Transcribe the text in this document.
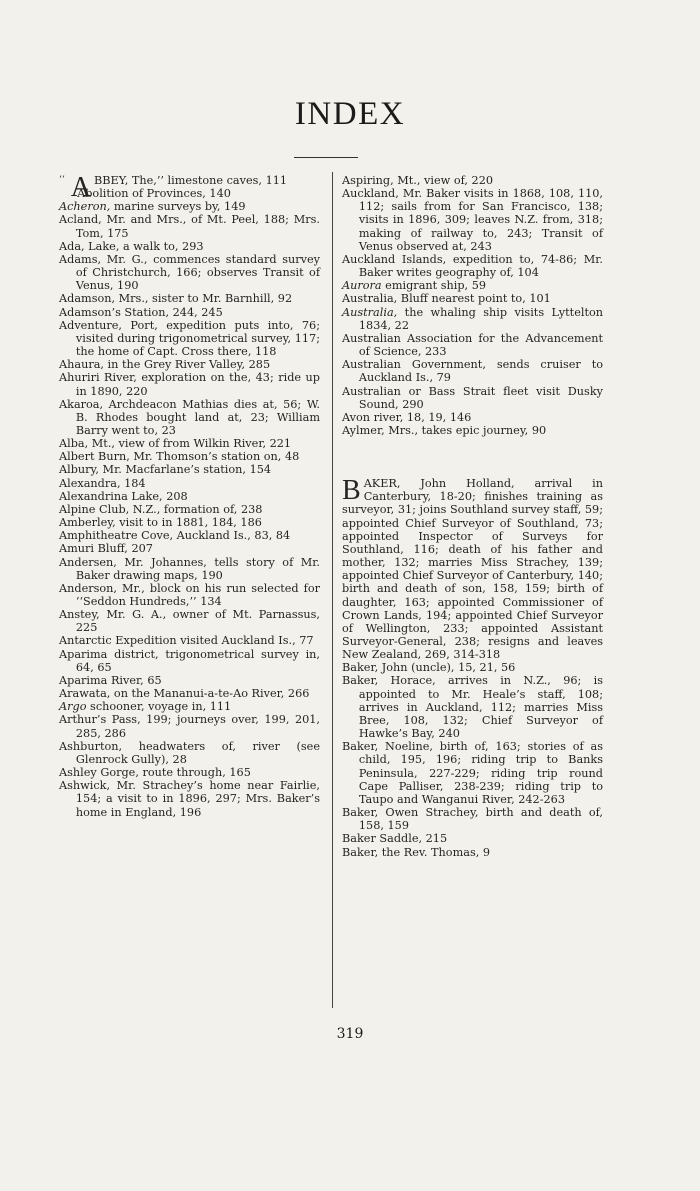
INDEX
‘‘ A BBEY, The,’’ limestone caves, 111
Abolition of Provinces, 140
Acheron, marine surveys by, 149
Acland, Mr. and Mrs., of Mt. Peel, 188; Mrs. Tom, 175
Ada, Lake, a walk to, 293
Adams, Mr. G., commences standard survey of Christchurch, 166; observes Transit of Venus, 190
Adamson, Mrs., sister to Mr. Barnhill, 92
Adamson’s Station, 244, 245
Adventure, Port, expedition puts into, 76; visited during trigonometrical survey, 117; the home of Capt. Cross there, 118
Ahaura, in the Grey River Valley, 285
Ahuriri River, exploration on the, 43; ride up in 1890, 220
Akaroa, Archdeacon Mathias dies at, 56; W. B. Rhodes bought land at, 23; William Barry went to, 23
Alba, Mt., view of from Wilkin River, 221
Albert Burn, Mr. Thomson’s station on, 48
Albury, Mr. Macfarlane’s station, 154
Alexandra, 184
Alexandrina Lake, 208
Alpine Club, N.Z., formation of, 238
Amberley, visit to in 1881, 184, 186
Amphitheatre Cove, Auckland Is., 83, 84
Amuri Bluff, 207
Andersen, Mr. Johannes, tells story of Mr. Baker drawing maps, 190
Anderson, Mr., block on his run selected for ‘‘Seddon Hundreds,’’ 134
Anstey, Mr. G. A., owner of Mt. Parnassus, 225
Antarctic Expedition visited Auckland Is., 77
Aparima district, trigonometrical survey in, 64, 65
Aparima River, 65
Arawata, on the Mananui-a-te-Ao River, 266
Argo schooner, voyage in, 111
Arthur’s Pass, 199; journeys over, 199, 201, 285, 286
Ashburton, headwaters of, river (see Glenrock Gully), 28
Ashley Gorge, route through, 165
Ashwick, Mr. Strachey’s home near Fairlie, 154; a visit to in 1896, 297; Mrs. Baker’s home in England, 196
Aspiring, Mt., view of, 220
Auckland, Mr. Baker visits in 1868, 108, 110, 112; sails from for San Francisco, 138; visits in 1896, 309; leaves N.Z. from, 318; making of railway to, 243; Transit of Venus observed at, 243
Auckland Islands, expedition to, 74-86; Mr. Baker writes geography of, 104
Aurora emigrant ship, 59
Australia, Bluff nearest point to, 101
Australia, the whaling ship visits Lyttelton 1834, 22
Australian Association for the Advancement of Science, 233
Australian Government, sends cruiser to Auckland Is., 79
Australian or Bass Strait fleet visit Dusky Sound, 290
Avon river, 18, 19, 146
Aylmer, Mrs., takes epic journey, 90
BAKER, John Holland, arrival in Canterbury, 18-20; finishes training as surveyor, 31; joins Southland survey staff, 59; appointed Chief Surveyor of Southland, 73; appointed Inspector of Surveys for Southland, 116; death of his father and mother, 132; marries Miss Strachey, 139; appointed Chief Surveyor of Canterbury, 140; birth and death of son, 158, 159; birth of daughter, 163; appointed Commissioner of Crown Lands, 194; appointed Chief Surveyor of Wellington, 233; appointed Assistant Surveyor-General, 238; resigns and leaves New Zealand, 269, 314-318
Baker, John (uncle), 15, 21, 56
Baker, Horace, arrives in N.Z., 96; is appointed to Mr. Heale’s staff, 108; arrives in Auckland, 112; marries Miss Bree, 108, 132; Chief Surveyor of Hawke’s Bay, 240
Baker, Noeline, birth of, 163; stories of as child, 195, 196; riding trip to Banks Peninsula, 227-229; riding trip round Cape Palliser, 238-239; riding trip to Taupo and Wanganui River, 242-263
Baker, Owen Strachey, birth and death of, 158, 159
Baker Saddle, 215
Baker, the Rev. Thomas, 9
319
